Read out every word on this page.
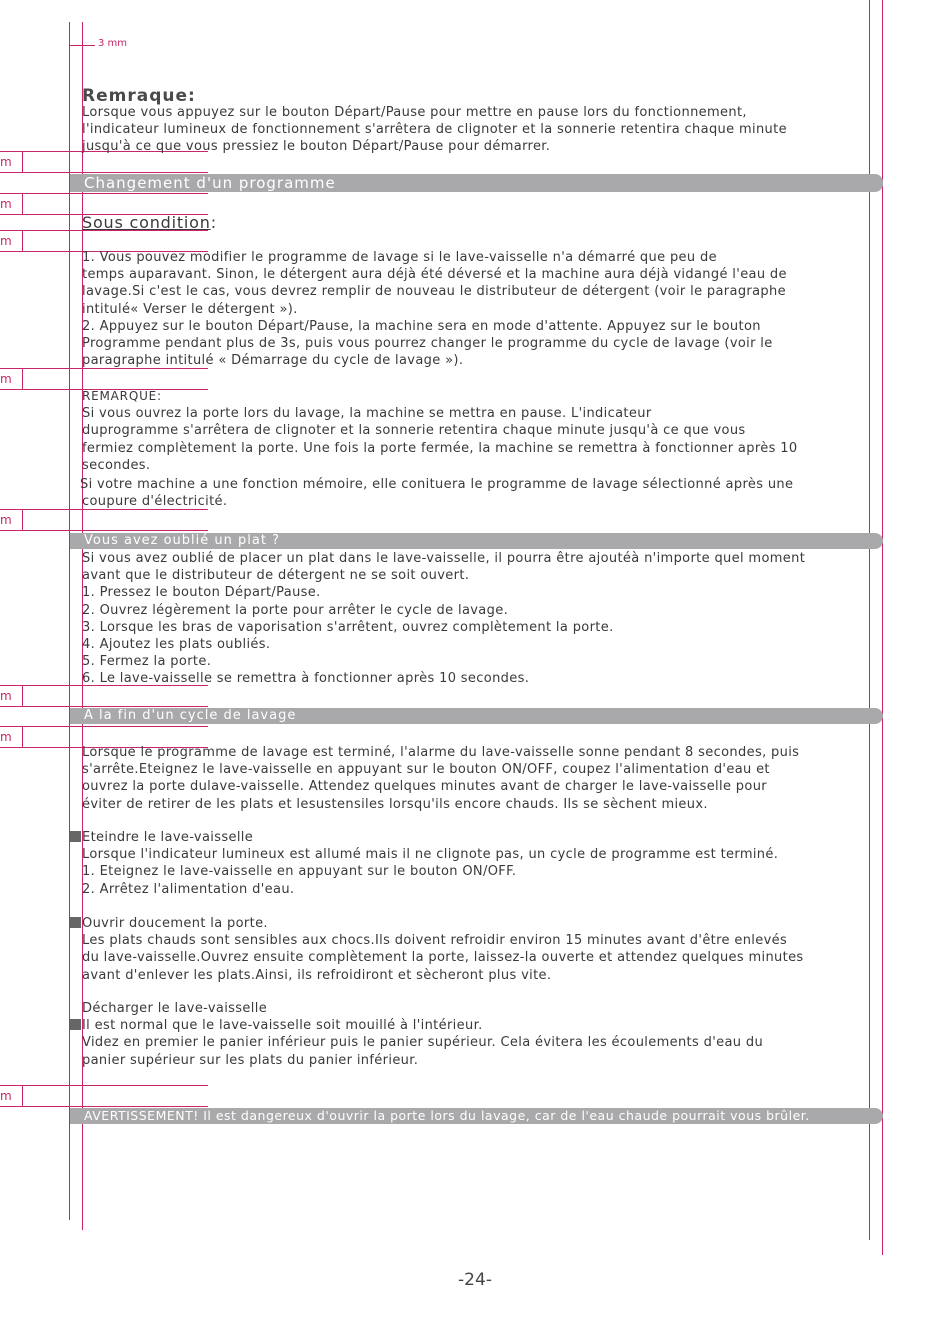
3 mm
m
m
m
m
m
m
m
m
Remraque:

Lorsque vous appuyez sur le bouton Départ/Pause pour mettre en pause lors du fonctionnement,

l'indicateur lumineux de fonctionnement s'arrêtera de clignoter et la sonnerie retentira chaque minute

jusqu'à ce que vous pressiez le bouton Départ/Pause pour démarrer.

Changement d'un programme
Sous condition:

1. Vous pouvez modifier le programme de lavage si le lave-vaisselle n'a démarré que peu de

temps auparavant. Sinon, le détergent aura déjà été déversé et la machine aura déjà vidangé l'eau de

lavage.Si c'est le cas, vous devrez remplir de nouveau le distributeur de détergent (voir le paragraphe

intitulé« Verser le détergent »).

2. Appuyez sur le bouton Départ/Pause, la machine sera en mode d'attente. Appuyez sur le bouton

Programme pendant plus de 3s, puis vous pourrez changer le programme du cycle de lavage (voir le

paragraphe intitulé « Démarrage du cycle de lavage »).

REMARQUE:

Si vous ouvrez la porte lors du lavage, la machine se mettra en pause. L'indicateur

duprogramme s'arrêtera de clignoter et la sonnerie retentira chaque minute jusqu'à ce que vous

fermiez complètement la porte. Une fois la porte fermée, la machine se remettra à fonctionner après 10

secondes.

Si votre machine a une fonction mémoire, elle conituera le programme de lavage sélectionné après une

coupure d'électricité.

Vous avez oublié un plat ?

Si vous avez oublié de placer un plat dans le lave-vaisselle, il pourra être ajoutéà n'importe quel moment

avant que le distributeur de détergent ne se soit ouvert.

1. Pressez le bouton Départ/Pause.

2. Ouvrez légèrement la porte pour arrêter le cycle de lavage.

3. Lorsque les bras de vaporisation s'arrêtent, ouvrez complètement la porte.

4. Ajoutez les plats oubliés.

5. Fermez la porte.

6. Le lave-vaisselle se remettra à fonctionner après 10 secondes.

A la fin d'un cycle de lavage

Lorsque le programme de lavage est terminé, l'alarme du lave-vaisselle sonne pendant 8 secondes, puis

s'arrête.Eteignez le lave-vaisselle en appuyant sur le bouton ON/OFF, coupez l'alimentation d'eau et

ouvrez la porte dulave-vaisselle. Attendez quelques minutes avant de charger le lave-vaisselle pour

éviter de retirer de les plats et lesustensiles lorsqu'ils encore chauds. Ils se sèchent mieux.

Eteindre le lave-vaisselle

Lorsque l'indicateur lumineux est allumé mais il ne clignote pas, un cycle de programme est terminé.

1. Eteignez le lave-vaisselle en appuyant sur le bouton ON/OFF.

2. Arrêtez l'alimentation d'eau.

Ouvrir doucement la porte.

Les plats chauds sont sensibles aux chocs.Ils doivent refroidir environ 15 minutes avant d'être enlevés

du lave-vaisselle.Ouvrez ensuite complètement la porte, laissez-la ouverte et attendez quelques minutes

avant d'enlever les plats.Ainsi, ils refroidiront et sècheront plus vite.

Décharger le lave-vaisselle

Il est normal que le lave-vaisselle soit mouillé à l'intérieur.

Videz en premier le panier inférieur puis le panier supérieur. Cela évitera les écoulements d'eau du

panier supérieur sur les plats du panier inférieur.

AVERTISSEMENT! Il est dangereux d'ouvrir la porte lors du lavage, car de l'eau chaude pourrait vous brûler.
-24-
